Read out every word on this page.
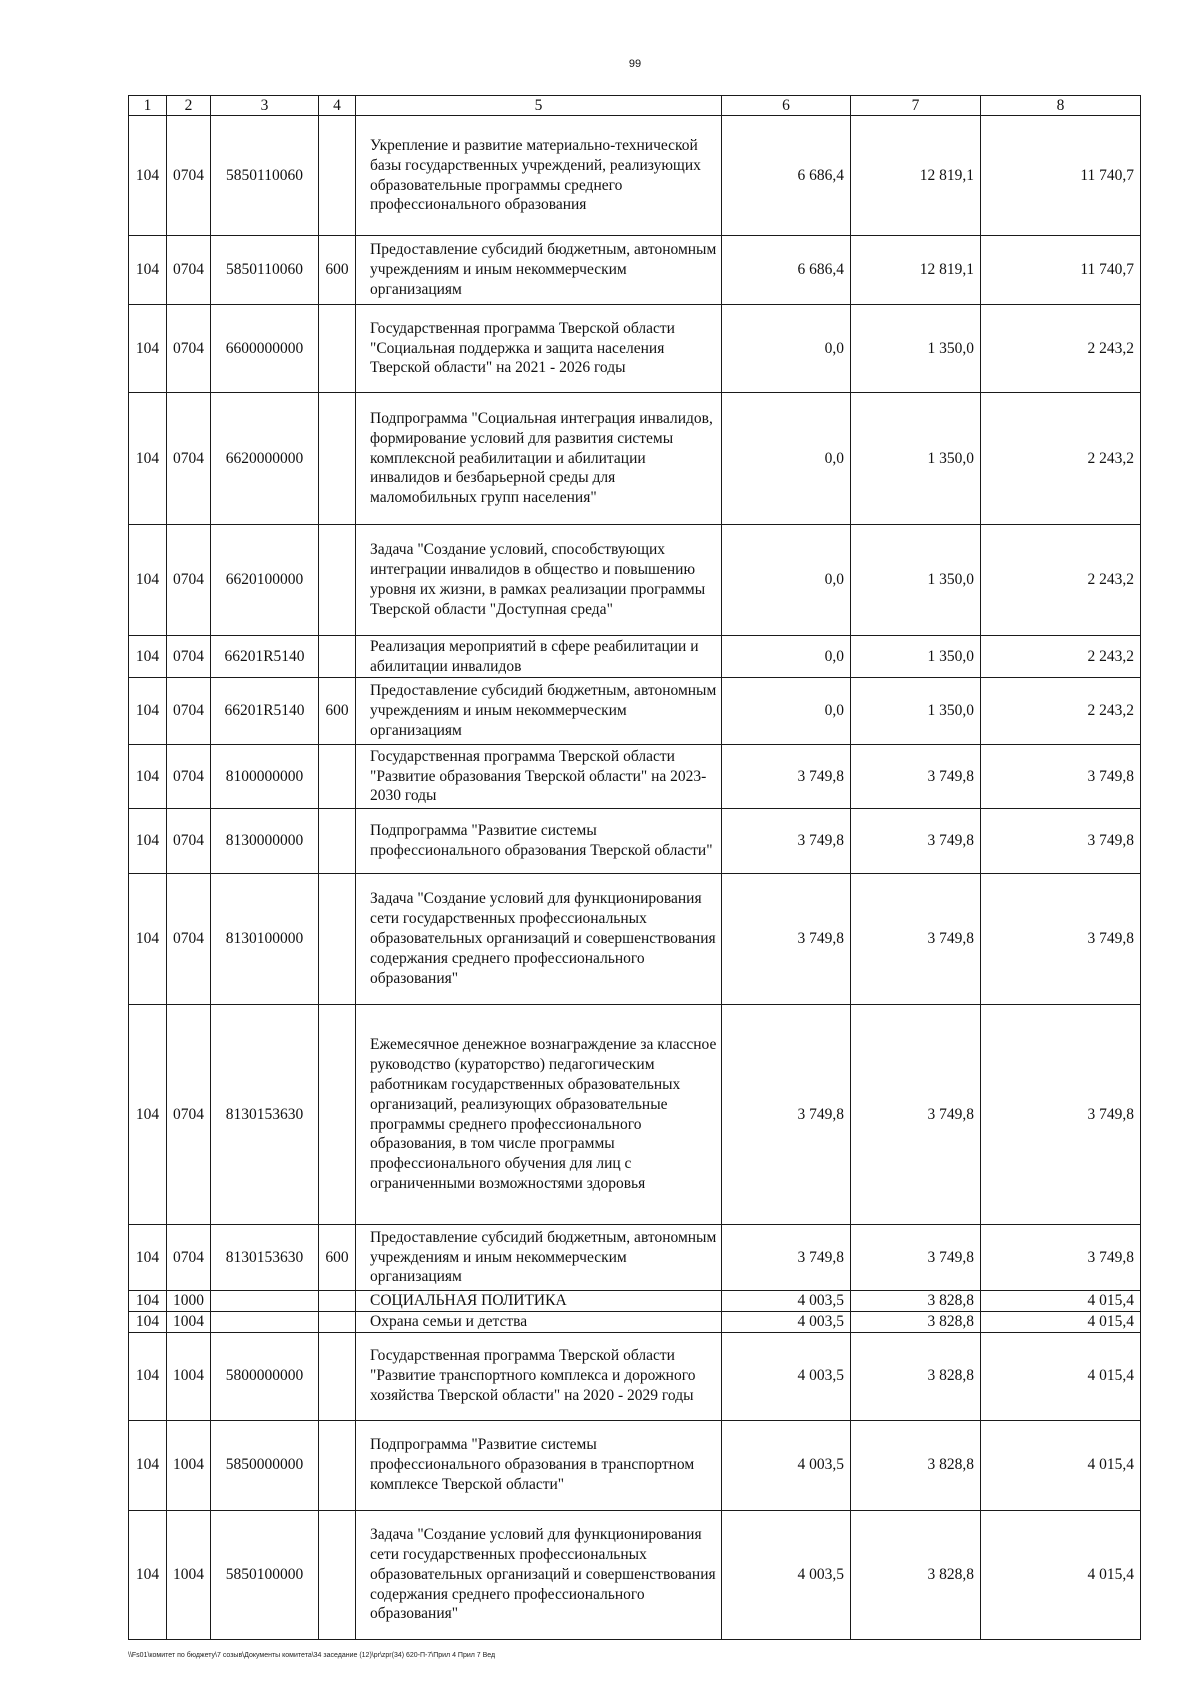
99
1	2	3	4	5	6	7	8
104	0704	5850110060		Укрепление и развитие материально-технической базы государственных учреждений, реализующих образовательные программы среднего профессионального образования	6 686,4	12 819,1	11 740,7
104	0704	5850110060	600	Предоставление субсидий бюджетным, автономным учреждениям и иным некоммерческим организациям	6 686,4	12 819,1	11 740,7
104	0704	6600000000		Государственная программа Тверской области "Социальная поддержка и защита населения Тверской области" на 2021 - 2026 годы	0,0	1 350,0	2 243,2
104	0704	6620000000		Подпрограмма "Социальная интеграция инвалидов, формирование условий для развития системы комплексной реабилитации и абилитации инвалидов и безбарьерной среды для маломобильных групп населения"	0,0	1 350,0	2 243,2
104	0704	6620100000		Задача "Создание условий, способствующих интеграции инвалидов в общество и повышению уровня их жизни, в рамках реализации программы Тверской области "Доступная среда"	0,0	1 350,0	2 243,2
104	0704	66201R5140		Реализация мероприятий в сфере реабилитации и абилитации инвалидов	0,0	1 350,0	2 243,2
104	0704	66201R5140	600	Предоставление субсидий бюджетным, автономным учреждениям и иным некоммерческим организациям	0,0	1 350,0	2 243,2
104	0704	8100000000		Государственная программа Тверской области "Развитие образования Тверской области" на 2023-2030 годы	3 749,8	3 749,8	3 749,8
104	0704	8130000000		Подпрограмма "Развитие системы профессионального образования Тверской области"	3 749,8	3 749,8	3 749,8
104	0704	8130100000		Задача "Создание условий для функционирования сети государственных профессиональных образовательных организаций и совершенствования содержания среднего профессионального образования"	3 749,8	3 749,8	3 749,8
104	0704	8130153630		Ежемесячное денежное вознаграждение за классное руководство (кураторство) педагогическим работникам государственных образовательных организаций, реализующих образовательные программы среднего профессионального образования, в том числе программы профессионального обучения для лиц с ограниченными возможностями здоровья	3 749,8	3 749,8	3 749,8
104	0704	8130153630	600	Предоставление субсидий бюджетным, автономным учреждениям и иным некоммерческим организациям	3 749,8	3 749,8	3 749,8
104	1000			СОЦИАЛЬНАЯ ПОЛИТИКА	4 003,5	3 828,8	4 015,4
104	1004			Охрана семьи и детства	4 003,5	3 828,8	4 015,4
104	1004	5800000000		Государственная программа Тверской области "Развитие транспортного комплекса и дорожного хозяйства Тверской области" на 2020 - 2029 годы	4 003,5	3 828,8	4 015,4
104	1004	5850000000		Подпрограмма "Развитие системы профессионального образования в транспортном комплексе Тверской области"	4 003,5	3 828,8	4 015,4
104	1004	5850100000		Задача "Создание условий для функционирования сети государственных профессиональных образовательных организаций и совершенствования содержания среднего профессионального образования"	4 003,5	3 828,8	4 015,4
\\Fs01\комитет по бюджету\7 созыв\Документы комитета\34 заседание (12)\pr\zpr(34) 620-П-7\Прил 4 Прил 7 Вед
